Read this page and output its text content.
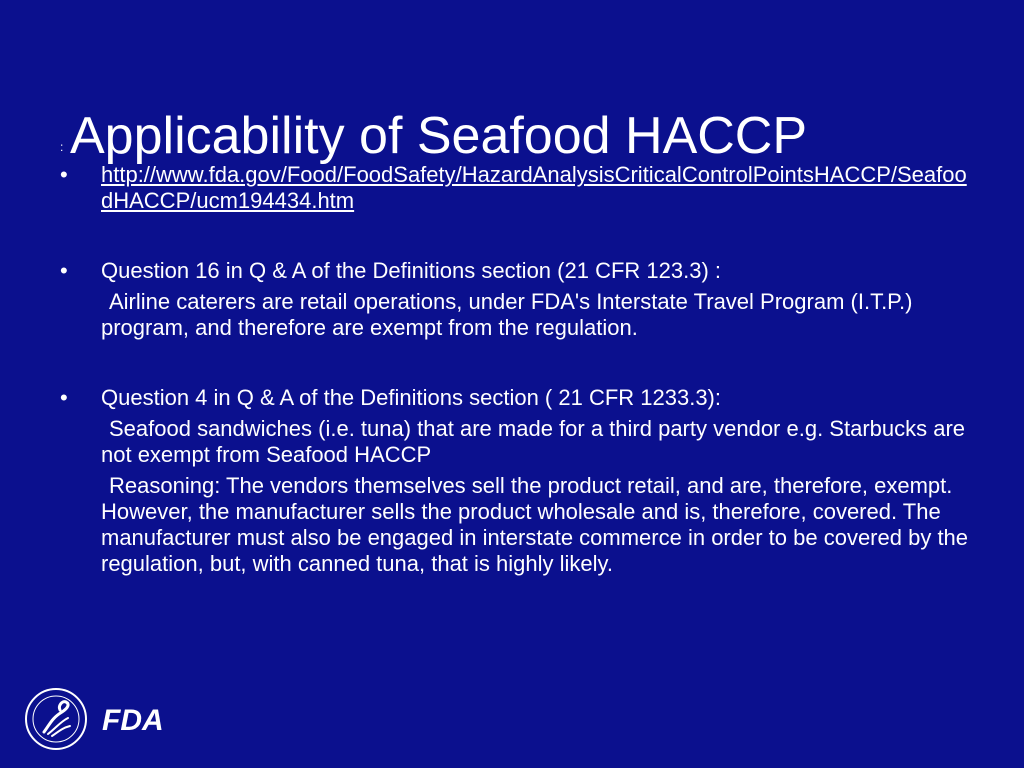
: Applicability of Seafood HACCP
•	http://www.fda.gov/Food/FoodSafety/HazardAnalysisCriticalControlPointsHACCP/SeafoodHACCP/ucm194434.htm
•	Question 16 in Q & A of the Definitions section (21 CFR 123.3) :
Airline caterers are retail operations, under FDA's Interstate Travel Program (I.T.P.) program, and therefore are exempt from the regulation.
•	Question 4 in Q & A of the Definitions section ( 21 CFR 1233.3):
Seafood sandwiches (i.e. tuna) that are made for a third party vendor e.g. Starbucks are not exempt from Seafood HACCP
Reasoning: The vendors themselves sell the product retail, and are, therefore, exempt. However, the manufacturer sells the product wholesale and is, therefore, covered. The manufacturer must also be engaged in interstate commerce in order to be covered by the regulation, but, with canned tuna, that is highly likely.
FDA
